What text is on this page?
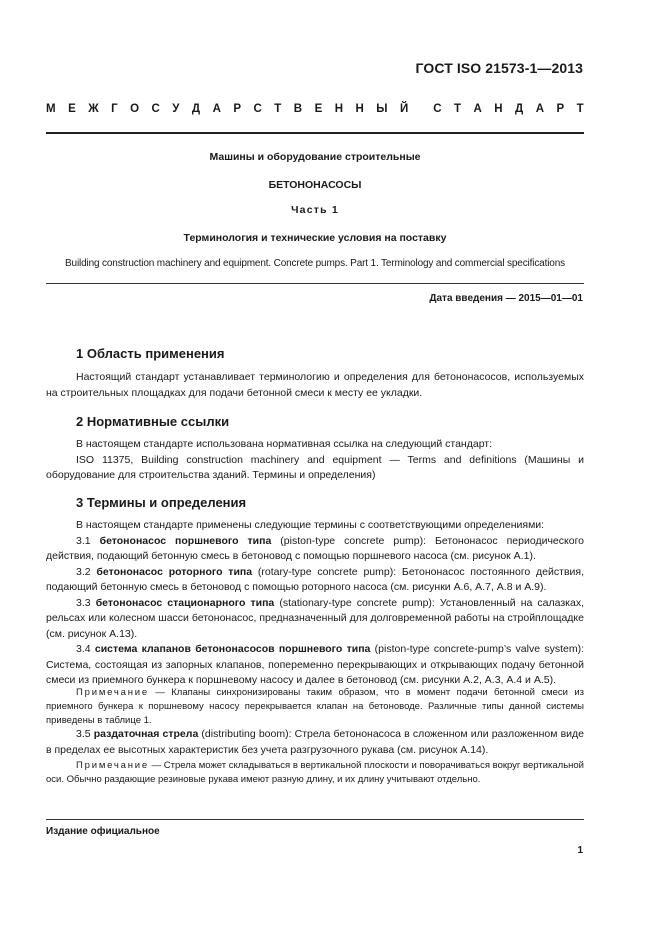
ГОСТ ISO 21573-1—2013
М Е Ж Г О С У Д А Р С Т В Е Н Н Ы Й С Т А Н Д А Р Т
Машины и оборудование строительные
БЕТОНОНАСОСЫ
Часть 1
Терминология и технические условия на поставку
Building construction machinery and equipment. Concrete pumps. Part 1. Terminology and commercial specifications
Дата введения — 2015—01—01
1 Область применения

Настоящий стандарт устанавливает терминологию и определения для бетононасосов, используемых на строительных площадках для подачи бетонной смеси к месту ее укладки.

2 Нормативные ссылки

В настоящем стандарте использована нормативная ссылка на следующий стандарт:

ISO 11375, Building construction machinery and equipment — Terms and definitions (Машины и оборудование для строительства зданий. Термины и определения)

3 Термины и определения

В настоящем стандарте применены следующие термины с соответствующими определениями:

3.1 бетононасос поршневого типа (piston-type concrete pump): Бетононасос периодического действия, подающий бетонную смесь в бетоновод с помощью поршневого насоса (см. рисунок А.1).

3.2 бетононасос роторного типа (rotary-type concrete pump): Бетононасос постоянного действия, подающий бетонную смесь в бетоновод с помощью роторного насоса (см. рисунки А.6, А.7, А.8 и А.9).

3.3 бетононасос стационарного типа (stationary-type concrete pump): Установленный на салазках, рельсах или колесном шасси бетононасос, предназначенный для долговременной работы на стройплощадке (см. рисунок А.13).

3.4 система клапанов бетононасосов поршневого типа (piston-type concrete-pump’s valve system): Система, состоящая из запорных клапанов, попеременно перекрывающих и открывающих подачу бетонной смеси из приемного бункера к поршневому насосу и далее в бетоновод (см. рисунки А.2, А.3, А.4 и А.5).

Примечание — Клапаны синхронизированы таким образом, что в момент подачи бетонной смеси из приемного бункера к поршневому насосу перекрывается клапан на бетоноводе. Различные типы данной системы приведены в таблице 1.

3.5 раздаточная стрела (distributing boom): Стрела бетононасоса в сложенном или разложенном виде в пределах ее высотных характеристик без учета разгрузочного рукава (см. рисунок А.14).

Примечание — Стрела может складываться в вертикальной плоскости и поворачиваться вокруг вертикальной оси. Обычно раздающие резиновые рукава имеют разную длину, и их длину учитывают отдельно.

Издание официальное
1
